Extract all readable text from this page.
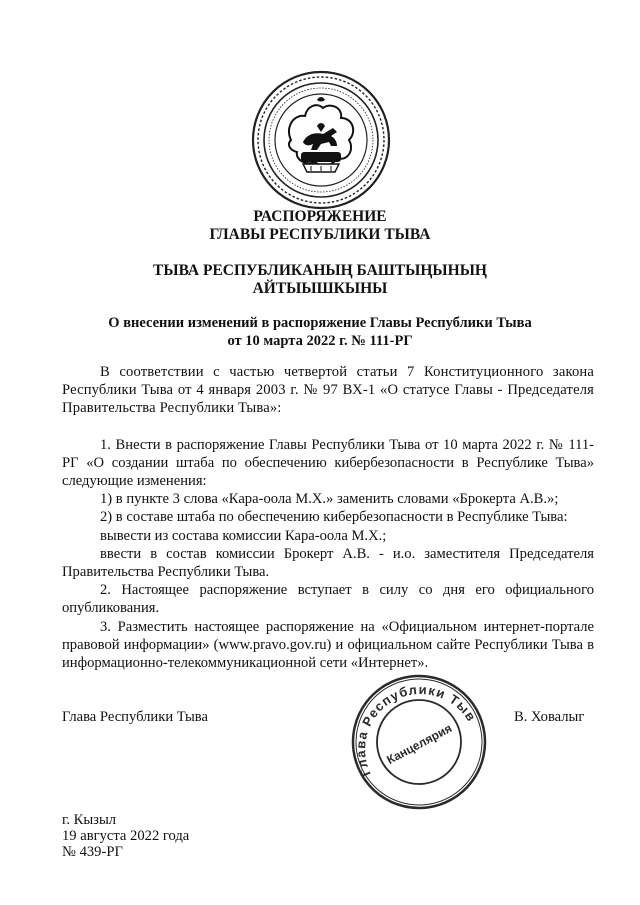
РАСПОРЯЖЕНИЕ
ГЛАВЫ РЕСПУБЛИКИ ТЫВА
ТЫВА РЕСПУБЛИКАНЫҢ БАШТЫҢЫНЫҢ
АЙТЫЫШКЫНЫ
О внесении изменений в распоряжение Главы Республики Тыва
от 10 марта 2022 г. № 111-РГ

В соответствии с частью четвертой статьи 7 Конституционного закона Республики Тыва от 4 января 2003 г. № 97 ВХ-1 «О статусе Главы - Председателя Правительства Республики Тыва»:

1. Внести в распоряжение Главы Республики Тыва от 10 марта 2022 г. № 111-РГ «О создании штаба по обеспечению кибербезопасности в Республике Тыва» следующие изменения:

1) в пункте 3 слова «Кара-оола М.Х.» заменить словами «Брокерта А.В.»;

2) в составе штаба по обеспечению кибербезопасности в Республике Тыва:

вывести из состава комиссии Кара-оола М.Х.;

ввести в состав комиссии Брокерт А.В. - и.о. заместителя Председателя Правительства Республики Тыва.

2. Настоящее распоряжение вступает в силу со дня его официального опубликования.

3. Разместить настоящее распоряжение на «Официальном интернет-портале правовой информации» (www.pravo.gov.ru) и официальном сайте Республики Тыва в информационно-телекоммуникационной сети «Интернет».

Глава Республики Тыва	В. Ховалыг
Глава Республики Тыва
Канцелярия
г. Кызыл
19 августа 2022 года
№ 439-РГ
